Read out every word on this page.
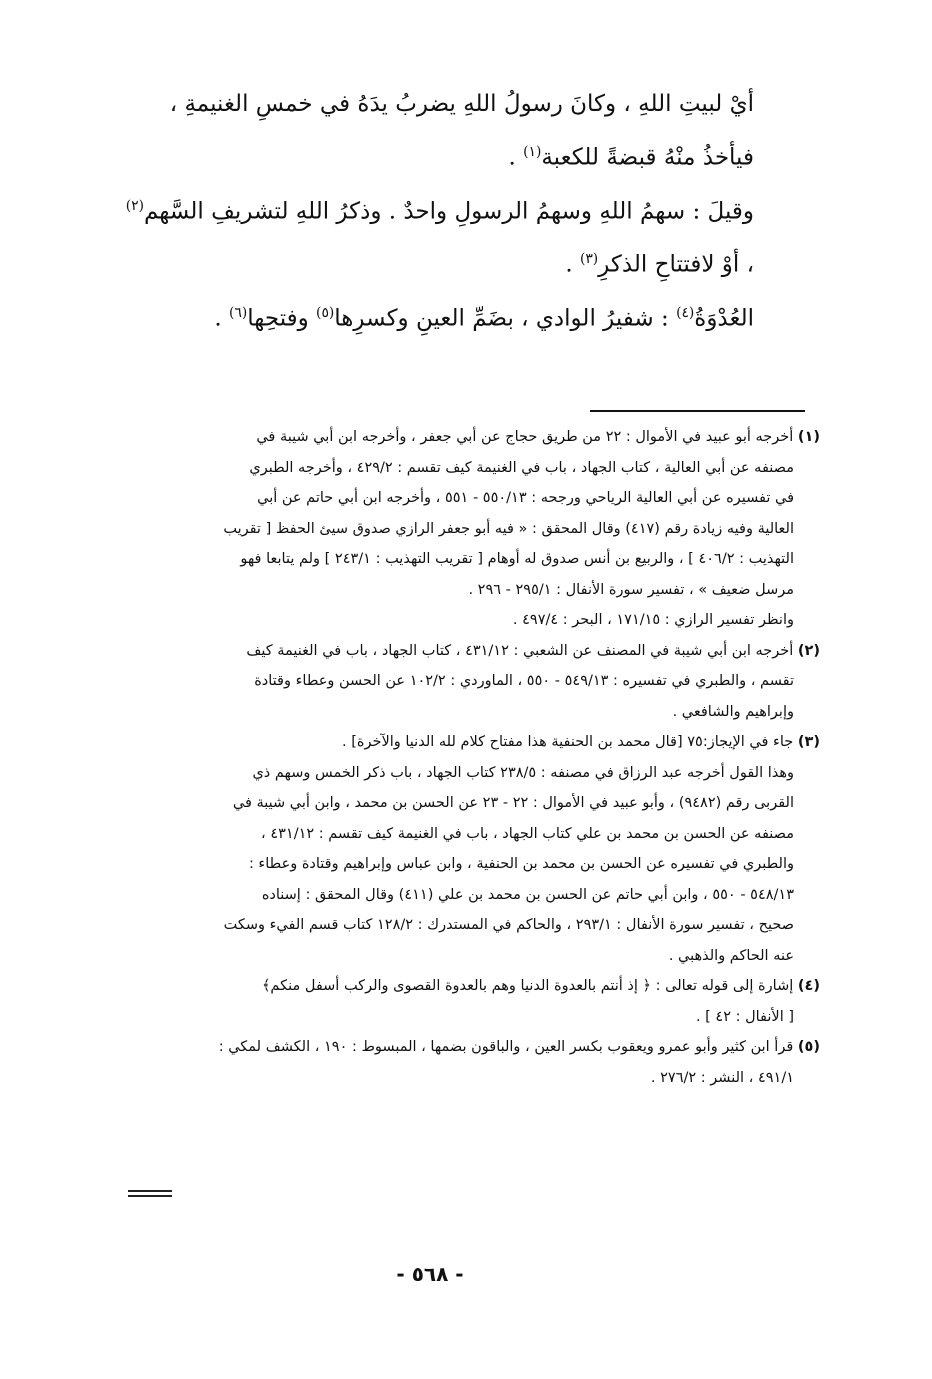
أيْ لبيتِ اللهِ ، وكانَ رسولُ اللهِ يضربُ يدَهُ في خمسِ الغنيمةِ ، فيأخذُ منْهُ قبضةً للكعبة$^{(١)}$ .

وقيلَ : سهمُ اللهِ وسهمُ الرسولِ واحدٌ . وذكرُ اللهِ لتشريفِ السَّهم$^{(٢)}$ ، أوْ لافتتاحِ الذكرِ$^{(٣)}$ .

العُدْوَةُ$^{(٤)}$ : شفيرُ الوادي ، بضَمِّ العينِ وكسرِها$^{(٥)}$ وفتحِها$^{(٦)}$ .

(١) أخرجه أبو عبيد في الأموال : ٢٢ من طريق حجاج عن أبي جعفر ، وأخرجه ابن أبي شيبة في
مصنفه عن أبي العالية ، كتاب الجهاد ، باب في الغنيمة كيف تقسم : ٤٢٩/٢ ، وأخرجه الطبري
في تفسيره عن أبي العالية الرياحي ورجحه : ٥٥٠/١٣ - ٥٥١ ، وأخرجه ابن أبي حاتم عن أبي
العالية وفيه زيادة رقم (٤١٧) وقال المحقق : « فيه أبو جعفر الرازي صدوق سيئ الحفظ [ تقريب
التهذيب : ٤٠٦/٢ ] ، والربيع بن أنس صدوق له أوهام [ تقريب التهذيب : ٢٤٣/١ ] ولم يتابعا فهو
مرسل ضعيف » ، تفسير سورة الأنفال : ٢٩٥/١ - ٢٩٦ .
وانظر تفسير الرازي : ١٧١/١٥ ، البحر : ٤٩٧/٤ .

(٢) أخرجه ابن أبي شيبة في المصنف عن الشعبي : ٤٣١/١٢ ، كتاب الجهاد ، باب في الغنيمة كيف
تقسم ، والطبري في تفسيره : ٥٤٩/١٣ - ٥٥٠ ، الماوردي : ١٠٢/٢ عن الحسن وعطاء وقتادة
وإبراهيم والشافعي .

(٣) جاء في الإيجاز:٧٥ [قال محمد بن الحنفية هذا مفتاح كلام لله الدنيا والآخرة] .
وهذا القول أخرجه عبد الرزاق في مصنفه : ٢٣٨/٥ كتاب الجهاد ، باب ذكر الخمس وسهم ذي
القربى رقم (٩٤٨٢) ، وأبو عبيد في الأموال : ٢٢ - ٢٣ عن الحسن بن محمد ، وابن أبي شيبة في
مصنفه عن الحسن بن محمد بن علي كتاب الجهاد ، باب في الغنيمة كيف تقسم : ٤٣١/١٢ ،
والطبري في تفسيره عن الحسن بن محمد بن الحنفية ، وابن عباس وإبراهيم وقتادة وعطاء :
٥٤٨/١٣ - ٥٥٠ ، وابن أبي حاتم عن الحسن بن محمد بن علي (٤١١) وقال المحقق : إسناده
صحيح ، تفسير سورة الأنفال : ٢٩٣/١ ، والحاكم في المستدرك : ١٢٨/٢ كتاب قسم الفيء وسكت
عنه الحاكم والذهبي .

(٤) إشارة إلى قوله تعالى : ﴿ إذ أنتم بالعدوة الدنيا وهم بالعدوة القصوى والركب أسفل منكم﴾
[ الأنفال : ٤٢ ] .

(٥) قرأ ابن كثير وأبو عمرو ويعقوب بكسر العين ، والباقون بضمها ، المبسوط : ١٩٠ ، الكشف لمكي :
٤٩١/١ ، النشر : ٢٧٦/٢ .

- ٥٦٨ -
